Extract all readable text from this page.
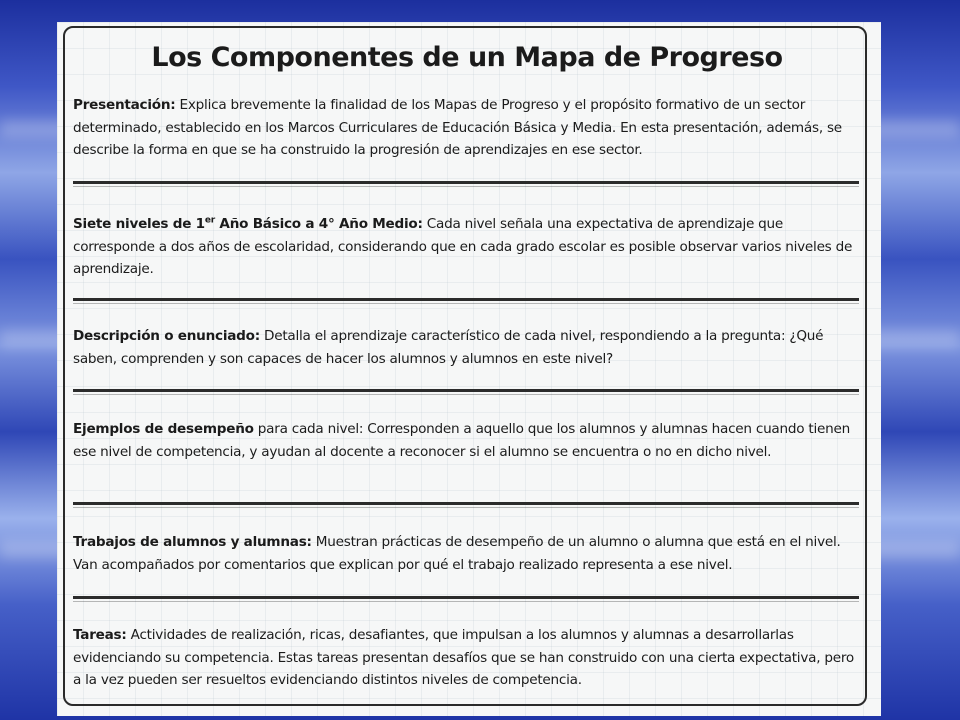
Los Componentes de un Mapa de Progreso
Presentación: Explica brevemente la finalidad de los Mapas de Progreso y el propósito formativo de un sector determinado, establecido en los Marcos Curriculares de Educación Básica y Media. En esta presentación, además, se describe la forma en que se ha construido la progresión de aprendizajes en ese sector.
Siete niveles de 1er Año Básico a 4° Año Medio: Cada nivel señala una expectativa de aprendizaje que corresponde a dos años de escolaridad, considerando que en cada grado escolar es posible observar varios niveles de aprendizaje.
Descripción o enunciado: Detalla el aprendizaje característico de cada nivel, respondiendo a la pregunta: ¿Qué saben, comprenden y son capaces de hacer los alumnos y alumnos en este nivel?
Ejemplos de desempeño para cada nivel: Corresponden a aquello que los alumnos y alumnas hacen cuando tienen ese nivel de competencia, y ayudan al docente a reconocer si el alumno se encuentra o no en dicho nivel.
Trabajos de alumnos y alumnas: Muestran prácticas de desempeño de un alumno o alumna que está en el nivel. Van acompañados por comentarios que explican por qué el trabajo realizado representa a ese nivel.
Tareas: Actividades de realización, ricas, desafiantes, que impulsan a los alumnos y alumnas a desarrollarlas evidenciando su competencia. Estas tareas presentan desafíos que se han construido con una cierta expectativa, pero a la vez pueden ser resueltos evidenciando distintos niveles de competencia.
